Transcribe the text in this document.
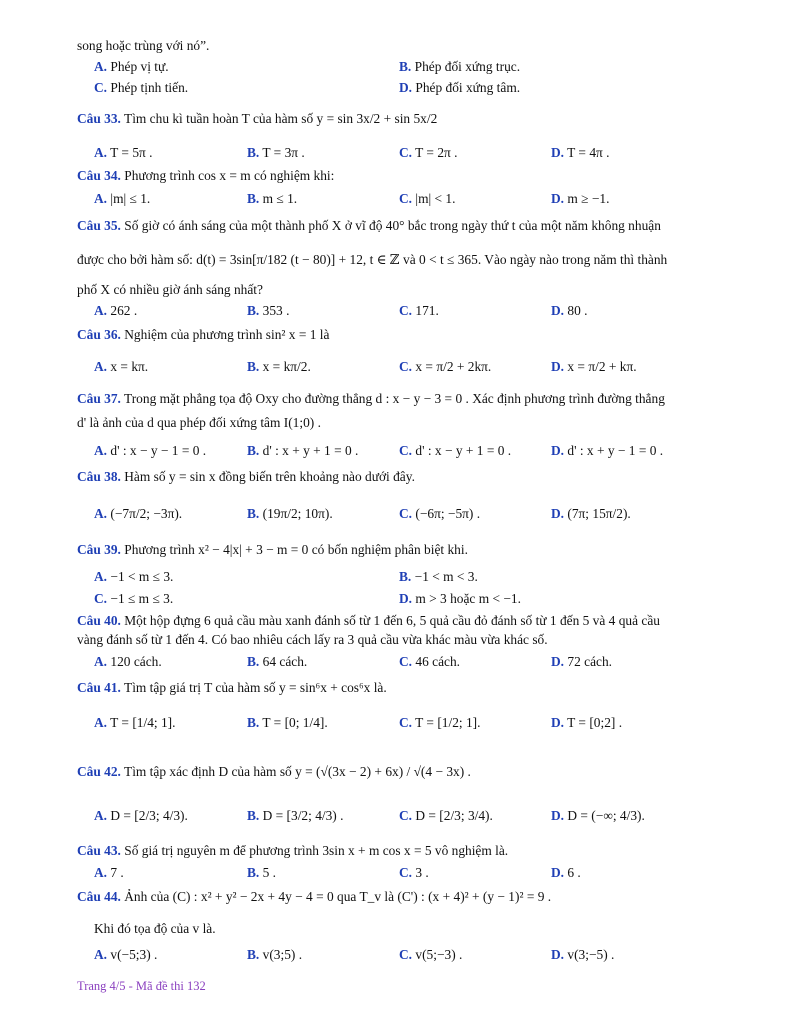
song hoặc trùng với nó”.
A. Phép vị tự.	B. Phép đối xứng trục.
C. Phép tịnh tiến.	D. Phép đối xứng tâm.
Câu 33. Tìm chu kì tuần hoàn T của hàm số y = sin 3x/2 + sin 5x/2
A. T = 5π .	B. T = 3π .	C. T = 2π .	D. T = 4π .
Câu 34. Phương trình cos x = m có nghiệm khi:
A. |m| ≤ 1.	B. m ≤ 1.	C. |m| < 1.	D. m ≥ −1.
Câu 35. Số giờ có ánh sáng của một thành phố X ở vĩ độ 40° bắc trong ngày thứ t của một năm không nhuận
được cho bởi hàm số: d(t) = 3sin[π/182 (t − 80)] + 12, t ∈ ℤ và 0 < t ≤ 365. Vào ngày nào trong năm thì thành
phố X có nhiều giờ ánh sáng nhất?
A. 262 .	B. 353 .	C. 171.	D. 80 .
Câu 36. Nghiệm của phương trình sin² x = 1 là
A. x = kπ.	B. x = kπ/2.	C. x = π/2 + 2kπ.	D. x = π/2 + kπ.
Câu 37. Trong mặt phẳng tọa độ Oxy cho đường thẳng d : x − y − 3 = 0 . Xác định phương trình đường thẳng
d' là ảnh của d qua phép đối xứng tâm I(1;0) .
A. d' : x − y − 1 = 0 .	B. d' : x + y + 1 = 0 .	C. d' : x − y + 1 = 0 .	D. d' : x + y − 1 = 0 .
Câu 38. Hàm số y = sin x đồng biến trên khoảng nào dưới đây.
A. (−7π/2; −3π).	B. (19π/2; 10π).	C. (−6π; −5π) .	D. (7π; 15π/2).
Câu 39. Phương trình x² − 4|x| + 3 − m = 0 có bốn nghiệm phân biệt khi.
A. −1 < m ≤ 3.	B. −1 < m < 3.
C. −1 ≤ m ≤ 3.	D. m > 3 hoặc m < −1.
Câu 40. Một hộp đựng 6 quả cầu màu xanh đánh số từ 1 đến 6, 5 quả cầu đỏ đánh số từ 1 đến 5 và 4 quả cầu
vàng đánh số từ 1 đến 4. Có bao nhiêu cách lấy ra 3 quả cầu vừa khác màu vừa khác số.
A. 120 cách.	B. 64 cách.	C. 46 cách.	D. 72 cách.
Câu 41. Tìm tập giá trị T của hàm số y = sin⁶x + cos⁶x là.
A. T = [1/4; 1].	B. T = [0; 1/4].	C. T = [1/2; 1].	D. T = [0;2] .
Câu 42. Tìm tập xác định D của hàm số y = (√(3x − 2) + 6x) / √(4 − 3x) .
A. D = [2/3; 4/3).	B. D = [3/2; 4/3) .	C. D = [2/3; 3/4).	D. D = (−∞; 4/3).
Câu 43. Số giá trị nguyên m để phương trình 3sin x + m cos x = 5 vô nghiệm là.
A. 7 .	B. 5 .	C. 3 .	D. 6 .
Câu 44. Ảnh của (C) : x² + y² − 2x + 4y − 4 = 0 qua T_v là (C') : (x + 4)² + (y − 1)² = 9 .
Khi đó tọa độ của v là.
A. v(−5;3) .	B. v(3;5) .	C. v(5;−3) .	D. v(3;−5) .
Trang 4/5 - Mã đề thi 132
